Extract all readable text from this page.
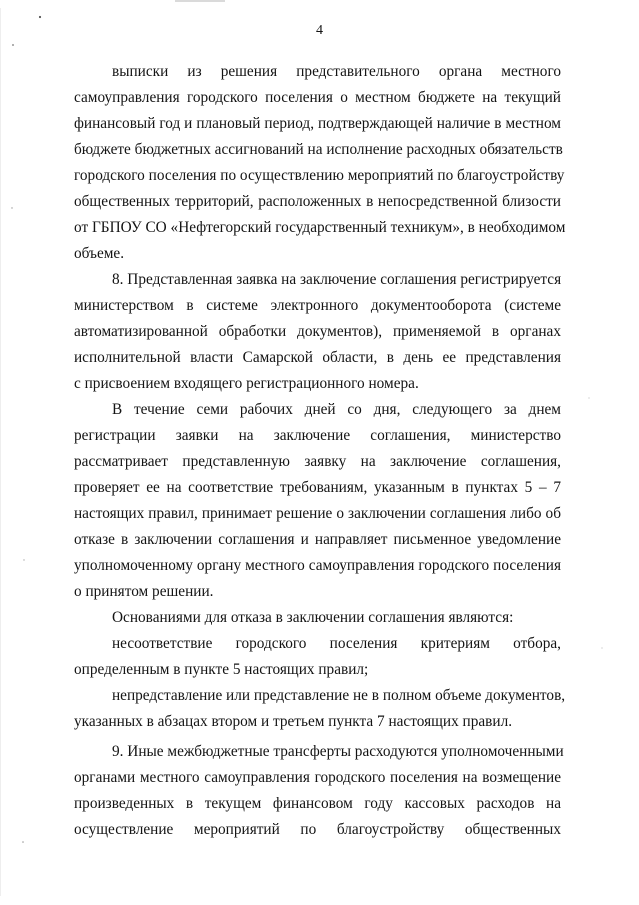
4
выписки из решения представительного органа местного
самоуправления городского поселения о местном бюджете на текущий
финансовый год и плановый период, подтверждающей наличие в местном
бюджете бюджетных ассигнований на исполнение расходных обязательств
городского поселения по осуществлению мероприятий по благоустройству
общественных территорий, расположенных в непосредственной близости
от ГБПОУ СО «Нефтегорский государственный техникум», в необходимом
объеме.
8. Представленная заявка на заключение соглашения регистрируется
министерством в системе электронного документооборота (системе
автоматизированной обработки документов), применяемой в органах
исполнительной власти Самарской области, в день ее представления
с присвоением входящего регистрационного номера.
В течение семи рабочих дней со дня, следующего за днем
регистрации заявки на заключение соглашения, министерство
рассматривает представленную заявку на заключение соглашения,
проверяет ее на соответствие требованиям, указанным в пунктах 5 – 7
настоящих правил, принимает решение о заключении соглашения либо об
отказе в заключении соглашения и направляет письменное уведомление
уполномоченному органу местного самоуправления городского поселения
о принятом решении.
Основаниями для отказа в заключении соглашения являются:
несоответствие городского поселения критериям отбора,
определенным в пункте 5 настоящих правил;
непредставление или представление не в полном объеме документов,
указанных в абзацах втором и третьем пункта 7 настоящих правил.
9. Иные межбюджетные трансферты расходуются уполномоченными
органами местного самоуправления городского поселения на возмещение
произведенных в текущем финансовом году кассовых расходов на
осуществление мероприятий по благоустройству общественных
